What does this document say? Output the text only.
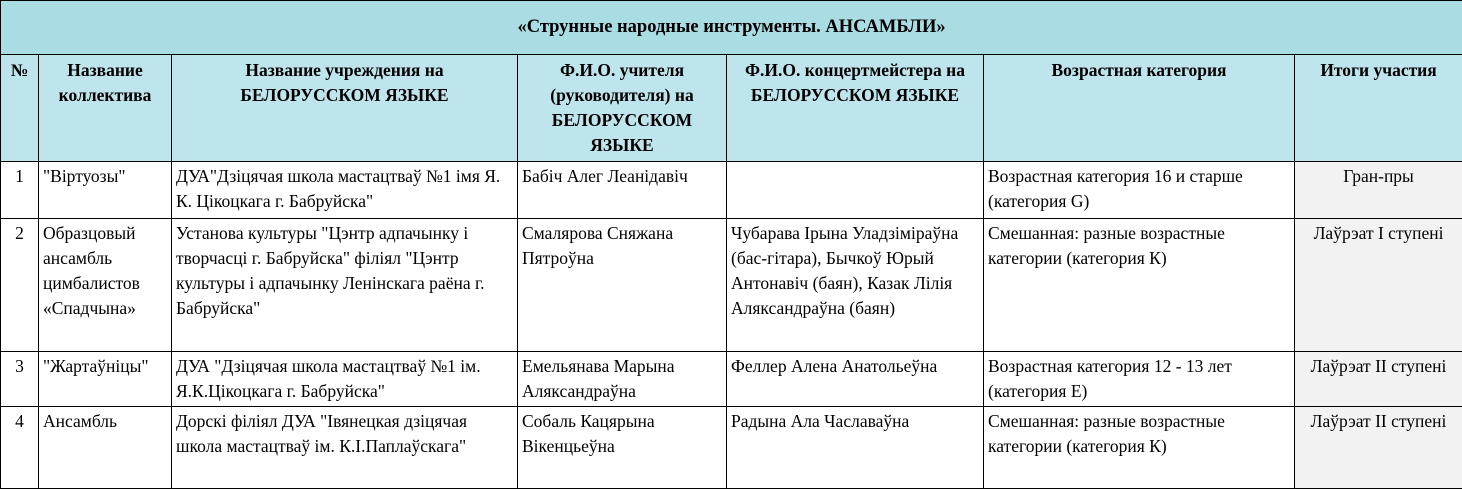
«Струнные народные инструменты. АНСАМБЛИ»						
№	Название коллектива	Название учреждения на БЕЛОРУССКОМ ЯЗЫКЕ	Ф.И.О. учителя (руководителя) на БЕЛОРУССКОМ ЯЗЫКЕ	Ф.И.О. концертмейстера на БЕЛОРУССКОМ ЯЗЫКЕ	Возрастная категория	Итоги участия
1	"Віртуозы"	ДУА"Дзіцячая школа мастацтваў №1 імя Я. К. Цікоцкага г. Бабруйска"	Бабіч Алег Леанідавіч		Возрастная категория 16 и старше (категория G)	Гран-пры
2	Образцовый ансамбль цимбалистов «Спадчына»	Установа культуры "Цэнтр адпачынку і творчасці г. Бабруйска" філіял "Цэнтр культуры і адпачынку Ленінскага раёна г. Бабруйска"	Смалярова Сняжана Пятроўна	Чубарава Ірына Уладзіміраўна (бас-гітара), Бычкоў Юрый Антонавіч (баян), Казак Лілія Аляксандраўна (баян)	Смешанная: разные возрастные категории (категория К)	Лаўрэат І ступені
3	"Жартаўніцы"	ДУА "Дзіцячая школа мастацтваў №1 ім. Я.К.Цікоцкага г. Бабруйска"	Емельянава Марына Аляксандраўна	Феллер Алена Анатольеўна	Возрастная категория 12 - 13 лет (категория Е)	Лаўрэат ІІ ступені
4	Ансамбль	Дорскі філіял ДУА "Івянецкая дзіцячая школа мастацтваў ім. К.І.Паплаўскага"	Собаль Кацярына Вікенцьеўна	Радына Ала Чаславаўна	Смешанная: разные возрастные категории (категория К)	Лаўрэат ІІ ступені
